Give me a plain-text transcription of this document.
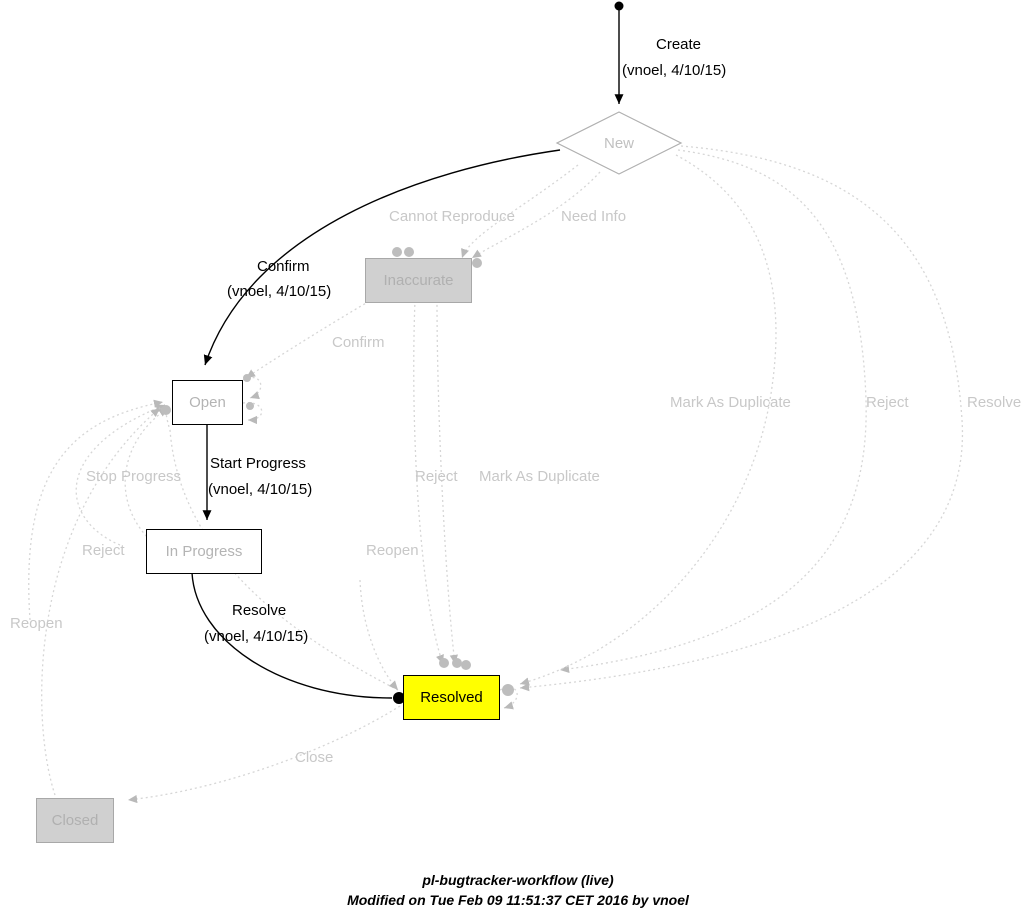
New
Inaccurate
Open
In Progress
Resolved
Closed
Create
(vnoel, 4/10/15)
Cannot Reproduce	Need Info
Confirm
(vnoel, 4/10/15)
Confirm
Mark As Duplicate	Reject	Resolve
Start Progress
(vnoel, 4/10/15)
Stop Progress	Reject Mark As Duplicate
Reject	Reopen
Reopen
Resolve
(vnoel, 4/10/15)
Close
pl-bugtracker-workflow (live)
Modified on Tue Feb 09 11:51:37 CET 2016 by vnoel
